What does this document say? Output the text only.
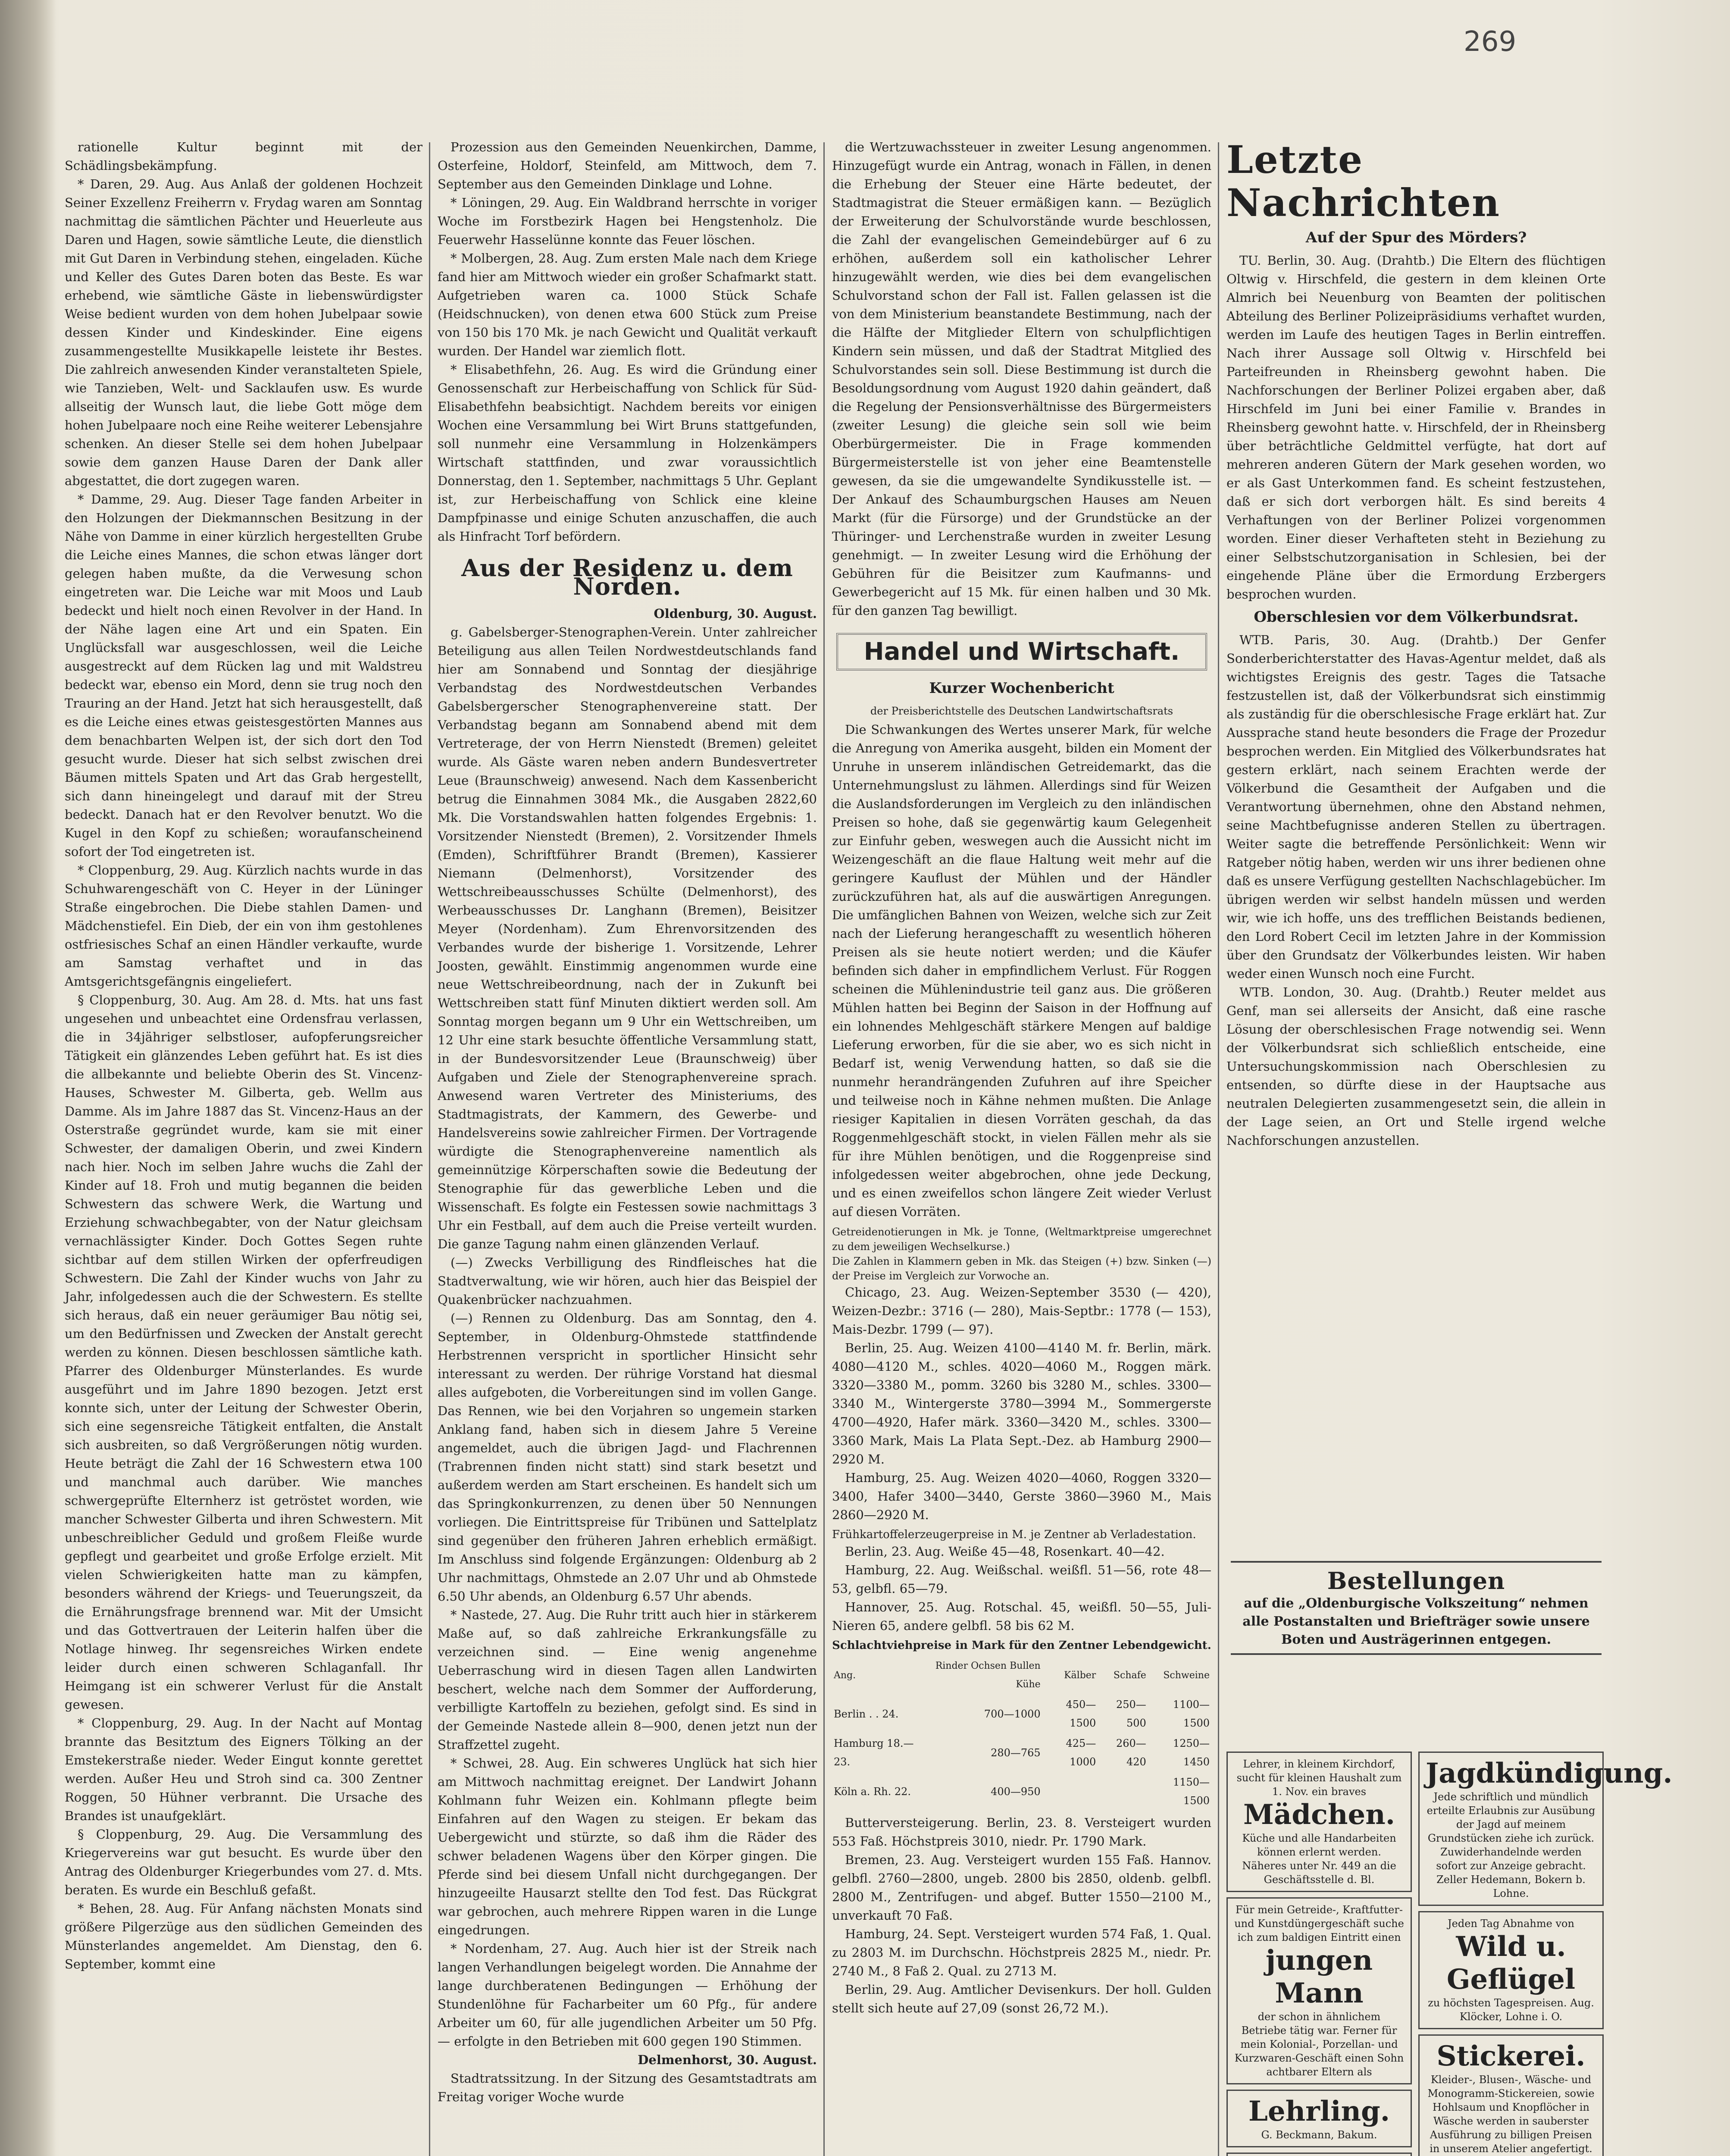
269

rationelle Kultur beginnt mit der Schädlingsbekämpfung.

* Daren, 29. Aug. Aus Anlaß der goldenen Hochzeit Seiner Exzellenz Freiherrn v. Frydag waren am Sonntag nachmittag die sämtlichen Pächter und Heuerleute aus Daren und Hagen, sowie sämtliche Leute, die dienstlich mit Gut Daren in Verbindung stehen, eingeladen. Küche und Keller des Gutes Daren boten das Beste. Es war erhebend, wie sämtliche Gäste in liebenswürdigster Weise bedient wurden von dem hohen Jubelpaar sowie dessen Kinder und Kindeskinder. Eine eigens zusammengestellte Musikkapelle leistete ihr Bestes. Die zahlreich anwesenden Kinder veranstalteten Spiele, wie Tanzieben, Welt- und Sacklaufen usw. Es wurde allseitig der Wunsch laut, die liebe Gott möge dem hohen Jubelpaare noch eine Reihe weiterer Lebensjahre schenken. An dieser Stelle sei dem hohen Jubelpaar sowie dem ganzen Hause Daren der Dank aller abgestattet, die dort zugegen waren.

* Damme, 29. Aug. Dieser Tage fanden Arbeiter in den Holzungen der Diekmannschen Besitzung in der Nähe von Damme in einer kürzlich hergestellten Grube die Leiche eines Mannes, die schon etwas länger dort gelegen haben mußte, da die Verwesung schon eingetreten war. Die Leiche war mit Moos und Laub bedeckt und hielt noch einen Revolver in der Hand. In der Nähe lagen eine Art und ein Spaten. Ein Unglücksfall war ausgeschlossen, weil die Leiche ausgestreckt auf dem Rücken lag und mit Waldstreu bedeckt war, ebenso ein Mord, denn sie trug noch den Trauring an der Hand. Jetzt hat sich herausgestellt, daß es die Leiche eines etwas geistesgestörten Mannes aus dem benachbarten Welpen ist, der sich dort den Tod gesucht wurde. Dieser hat sich selbst zwischen drei Bäumen mittels Spaten und Art das Grab hergestellt, sich dann hineingelegt und darauf mit der Streu bedeckt. Danach hat er den Revolver benutzt. Wo die Kugel in den Kopf zu schießen; woraufanscheinend sofort der Tod eingetreten ist.

* Cloppenburg, 29. Aug. Kürzlich nachts wurde in das Schuhwarengeschäft von C. Heyer in der Lüninger Straße eingebrochen. Die Diebe stahlen Damen- und Mädchenstiefel. Ein Dieb, der ein von ihm gestohlenes ostfriesisches Schaf an einen Händler verkaufte, wurde am Samstag verhaftet und in das Amtsgerichtsgefängnis eingeliefert.

§ Cloppenburg, 30. Aug. Am 28. d. Mts. hat uns fast ungesehen und unbeachtet eine Ordensfrau verlassen, die in 34jähriger selbstloser, aufopferungsreicher Tätigkeit ein glänzendes Leben geführt hat. Es ist dies die allbekannte und beliebte Oberin des St. Vincenz-Hauses, Schwester M. Gilberta, geb. Wellm aus Damme. Als im Jahre 1887 das St. Vincenz-Haus an der Osterstraße gegründet wurde, kam sie mit einer Schwester, der damaligen Oberin, und zwei Kindern nach hier. Noch im selben Jahre wuchs die Zahl der Kinder auf 18. Froh und mutig begannen die beiden Schwestern das schwere Werk, die Wartung und Erziehung schwachbegabter, von der Natur gleichsam vernachlässigter Kinder. Doch Gottes Segen ruhte sichtbar auf dem stillen Wirken der opferfreudigen Schwestern. Die Zahl der Kinder wuchs von Jahr zu Jahr, infolgedessen auch die der Schwestern. Es stellte sich heraus, daß ein neuer geräumiger Bau nötig sei, um den Bedürfnissen und Zwecken der Anstalt gerecht werden zu können. Diesen beschlossen sämtliche kath. Pfarrer des Oldenburger Münsterlandes. Es wurde ausgeführt und im Jahre 1890 bezogen. Jetzt erst konnte sich, unter der Leitung der Schwester Oberin, sich eine segensreiche Tätigkeit entfalten, die Anstalt sich ausbreiten, so daß Vergrößerungen nötig wurden. Heute beträgt die Zahl der 16 Schwestern etwa 100 und manchmal auch darüber. Wie manches schwergeprüfte Elternherz ist getröstet worden, wie mancher Schwester Gilberta und ihren Schwestern. Mit unbeschreiblicher Geduld und großem Fleiße wurde gepflegt und gearbeitet und große Erfolge erzielt. Mit vielen Schwierigkeiten hatte man zu kämpfen, besonders während der Kriegs- und Teuerungszeit, da die Ernährungsfrage brennend war. Mit der Umsicht und das Gottvertrauen der Leiterin halfen über die Notlage hinweg. Ihr segensreiches Wirken endete leider durch einen schweren Schlaganfall. Ihr Heimgang ist ein schwerer Verlust für die Anstalt gewesen.

* Cloppenburg, 29. Aug. In der Nacht auf Montag brannte das Besitztum des Eigners Tölking an der Emstekerstraße nieder. Weder Eingut konnte gerettet werden. Außer Heu und Stroh sind ca. 300 Zentner Roggen, 50 Hühner verbrannt. Die Ursache des Brandes ist unaufgeklärt.

§ Cloppenburg, 29. Aug. Die Versammlung des Kriegervereins war gut besucht. Es wurde über den Antrag des Oldenburger Kriegerbundes vom 27. d. Mts. beraten. Es wurde ein Beschluß gefaßt.

* Behen, 28. Aug. Für Anfang nächsten Monats sind größere Pilgerzüge aus den südlichen Gemeinden des Münsterlandes angemeldet. Am Dienstag, den 6. September, kommt eine

Prozession aus den Gemeinden Neuenkirchen, Damme, Osterfeine, Holdorf, Steinfeld, am Mittwoch, dem 7. September aus den Gemeinden Dinklage und Lohne.

* Löningen, 29. Aug. Ein Waldbrand herrschte in voriger Woche im Forstbezirk Hagen bei Hengstenholz. Die Feuerwehr Hasselünne konnte das Feuer löschen.

* Molbergen, 28. Aug. Zum ersten Male nach dem Kriege fand hier am Mittwoch wieder ein großer Schafmarkt statt. Aufgetrieben waren ca. 1000 Stück Schafe (Heidschnucken), von denen etwa 600 Stück zum Preise von 150 bis 170 Mk. je nach Gewicht und Qualität verkauft wurden. Der Handel war ziemlich flott.

* Elisabethfehn, 26. Aug. Es wird die Gründung einer Genossenschaft zur Herbeischaffung von Schlick für Süd-Elisabethfehn beabsichtigt. Nachdem bereits vor einigen Wochen eine Versammlung bei Wirt Bruns stattgefunden, soll nunmehr eine Versammlung in Holzenkämpers Wirtschaft stattfinden, und zwar voraussichtlich Donnerstag, den 1. September, nachmittags 5 Uhr. Geplant ist, zur Herbeischaffung von Schlick eine kleine Dampfpinasse und einige Schuten anzuschaffen, die auch als Hinfracht Torf befördern.

Aus der Residenz u. dem Norden.
Oldenburg, 30. August.

g. Gabelsberger-Stenographen-Verein. Unter zahlreicher Beteiligung aus allen Teilen Nordwestdeutschlands fand hier am Sonnabend und Sonntag der diesjährige Verbandstag des Nordwestdeutschen Verbandes Gabelsbergerscher Stenographenvereine statt. Der Verbandstag begann am Sonnabend abend mit dem Vertreterage, der von Herrn Nienstedt (Bremen) geleitet wurde. Als Gäste waren neben andern Bundesvertreter Leue (Braunschweig) anwesend. Nach dem Kassenbericht betrug die Einnahmen 3084 Mk., die Ausgaben 2822,60 Mk. Die Vorstandswahlen hatten folgendes Ergebnis: 1. Vorsitzender Nienstedt (Bremen), 2. Vorsitzender Ihmels (Emden), Schriftführer Brandt (Bremen), Kassierer Niemann (Delmenhorst), Vorsitzender des Wettschreibeausschusses Schülte (Delmenhorst), des Werbeausschusses Dr. Langhann (Bremen), Beisitzer Meyer (Nordenham). Zum Ehrenvorsitzenden des Verbandes wurde der bisherige 1. Vorsitzende, Lehrer Joosten, gewählt. Einstimmig angenommen wurde eine neue Wettschreibeordnung, nach der in Zukunft bei Wettschreiben statt fünf Minuten diktiert werden soll. Am Sonntag morgen begann um 9 Uhr ein Wettschreiben, um 12 Uhr eine stark besuchte öffentliche Versammlung statt, in der Bundesvorsitzender Leue (Braunschweig) über Aufgaben und Ziele der Stenographenvereine sprach. Anwesend waren Vertreter des Ministeriums, des Stadtmagistrats, der Kammern, des Gewerbe- und Handelsvereins sowie zahlreicher Firmen. Der Vortragende würdigte die Stenographenvereine namentlich als gemeinnützige Körperschaften sowie die Bedeutung der Stenographie für das gewerbliche Leben und die Wissenschaft. Es folgte ein Festessen sowie nachmittags 3 Uhr ein Festball, auf dem auch die Preise verteilt wurden. Die ganze Tagung nahm einen glänzenden Verlauf.

(—) Zwecks Verbilligung des Rindfleisches hat die Stadtverwaltung, wie wir hören, auch hier das Beispiel der Quakenbrücker nachzuahmen.

(—) Rennen zu Oldenburg. Das am Sonntag, den 4. September, in Oldenburg-Ohmstede stattfindende Herbstrennen verspricht in sportlicher Hinsicht sehr interessant zu werden. Der rührige Vorstand hat diesmal alles aufgeboten, die Vorbereitungen sind im vollen Gange. Das Rennen, wie bei den Vorjahren so ungemein starken Anklang fand, haben sich in diesem Jahre 5 Vereine angemeldet, auch die übrigen Jagd- und Flachrennen (Trabrennen finden nicht statt) sind stark besetzt und außerdem werden am Start erscheinen. Es handelt sich um das Springkonkurrenzen, zu denen über 50 Nennungen vorliegen. Die Eintrittspreise für Tribünen und Sattelplatz sind gegenüber den früheren Jahren erheblich ermäßigt. Im Anschluss sind folgende Ergänzungen: Oldenburg ab 2 Uhr nachmittags, Ohmstede an 2.07 Uhr und ab Ohmstede 6.50 Uhr abends, an Oldenburg 6.57 Uhr abends.

* Nastede, 27. Aug. Die Ruhr tritt auch hier in stärkerem Maße auf, so daß zahlreiche Erkrankungsfälle zu verzeichnen sind. — Eine wenig angenehme Ueberraschung wird in diesen Tagen allen Landwirten beschert, welche nach dem Sommer der Aufforderung, verbilligte Kartoffeln zu beziehen, gefolgt sind. Es sind in der Gemeinde Nastede allein 8—900, denen jetzt nun der Straffzettel zugeht.

* Schwei, 28. Aug. Ein schweres Unglück hat sich hier am Mittwoch nachmittag ereignet. Der Landwirt Johann Kohlmann fuhr Weizen ein. Kohlmann pflegte beim Einfahren auf den Wagen zu steigen. Er bekam das Uebergewicht und stürzte, so daß ihm die Räder des schwer beladenen Wagens über den Körper gingen. Die Pferde sind bei diesem Unfall nicht durchgegangen. Der hinzugeeilte Hausarzt stellte den Tod fest. Das Rückgrat war gebrochen, auch mehrere Rippen waren in die Lunge eingedrungen.

* Nordenham, 27. Aug. Auch hier ist der Streik nach langen Verhandlungen beigelegt worden. Die Annahme der lange durchberatenen Bedingungen — Erhöhung der Stundenlöhne für Facharbeiter um 60 Pfg., für andere Arbeiter um 60, für alle jugendlichen Arbeiter um 50 Pfg. — erfolgte in den Betrieben mit 600 gegen 190 Stimmen.

Delmenhorst, 30. August.

Stadtratssitzung. In der Sitzung des Gesamtstadtrats am Freitag voriger Woche wurde

die Wertzuwachssteuer in zweiter Lesung angenommen. Hinzugefügt wurde ein Antrag, wonach in Fällen, in denen die Erhebung der Steuer eine Härte bedeutet, der Stadtmagistrat die Steuer ermäßigen kann. — Bezüglich der Erweiterung der Schulvorstände wurde beschlossen, die Zahl der evangelischen Gemeindebürger auf 6 zu erhöhen, außerdem soll ein katholischer Lehrer hinzugewählt werden, wie dies bei dem evangelischen Schulvorstand schon der Fall ist. Fallen gelassen ist die von dem Ministerium beanstandete Bestimmung, nach der die Hälfte der Mitglieder Eltern von schulpflichtigen Kindern sein müssen, und daß der Stadtrat Mitglied des Schulvorstandes sein soll. Diese Bestimmung ist durch die Besoldungsordnung vom August 1920 dahin geändert, daß die Regelung der Pensionsverhältnisse des Bürgermeisters (zweiter Lesung) die gleiche sein soll wie beim Oberbürgermeister. Die in Frage kommenden Bürgermeisterstelle ist von jeher eine Beamtenstelle gewesen, da sie die umgewandelte Syndikusstelle ist. — Der Ankauf des Schaumburgschen Hauses am Neuen Markt (für die Fürsorge) und der Grundstücke an der Thüringer- und Lerchenstraße wurden in zweiter Lesung genehmigt. — In zweiter Lesung wird die Erhöhung der Gebühren für die Beisitzer zum Kaufmanns- und Gewerbegericht auf 15 Mk. für einen halben und 30 Mk. für den ganzen Tag bewilligt.

Handel und Wirtschaft.
Kurzer Wochenbericht
der Preisberichtstelle des Deutschen Landwirtschaftsrats

Die Schwankungen des Wertes unserer Mark, für welche die Anregung von Amerika ausgeht, bilden ein Moment der Unruhe in unserem inländischen Getreidemarkt, das die Unternehmungslust zu lähmen. Allerdings sind für Weizen die Auslandsforderungen im Vergleich zu den inländischen Preisen so hohe, daß sie gegenwärtig kaum Gelegenheit zur Einfuhr geben, weswegen auch die Aussicht nicht im Weizengeschäft an die flaue Haltung weit mehr auf die geringere Kauflust der Mühlen und der Händler zurückzuführen hat, als auf die auswärtigen Anregungen. Die umfänglichen Bahnen von Weizen, welche sich zur Zeit nach der Lieferung herangeschafft zu wesentlich höheren Preisen als sie heute notiert werden; und die Käufer befinden sich daher in empfindlichem Verlust. Für Roggen scheinen die Mühlenindustrie teil ganz aus. Die größeren Mühlen hatten bei Beginn der Saison in der Hoffnung auf ein lohnendes Mehlgeschäft stärkere Mengen auf baldige Lieferung erworben, für die sie aber, wo es sich nicht in Bedarf ist, wenig Verwendung hatten, so daß sie die nunmehr herandrängenden Zufuhren auf ihre Speicher und teilweise noch in Kähne nehmen mußten. Die Anlage riesiger Kapitalien in diesen Vorräten geschah, da das Roggenmehlgeschäft stockt, in vielen Fällen mehr als sie für ihre Mühlen benötigen, und die Roggenpreise sind infolgedessen weiter abgebrochen, ohne jede Deckung, und es einen zweifellos schon längere Zeit wieder Verlust auf diesen Vorräten.

Getreidenotierungen in Mk. je Tonne, (Weltmarktpreise umgerechnet zu dem jeweiligen Wechselkurse.)
Die Zahlen in Klammern geben in Mk. das Steigen (+) bzw. Sinken (—) der Preise im Vergleich zur Vorwoche an.

Chicago, 23. Aug. Weizen-September 3530 (— 420), Weizen-Dezbr.: 3716 (— 280), Mais-Septbr.: 1778 (— 153), Mais-Dezbr. 1799 (— 97).

Berlin, 25. Aug. Weizen 4100—4140 M. fr. Berlin, märk. 4080—4120 M., schles. 4020—4060 M., Roggen märk. 3320—3380 M., pomm. 3260 bis 3280 M., schles. 3300—3340 M., Wintergerste 3780—3994 M., Sommergerste 4700—4920, Hafer märk. 3360—3420 M., schles. 3300—3360 Mark, Mais La Plata Sept.-Dez. ab Hamburg 2900—2920 M.

Hamburg, 25. Aug. Weizen 4020—4060, Roggen 3320—3400, Hafer 3400—3440, Gerste 3860—3960 M., Mais 2860—2920 M.

Frühkartoffelerzeugerpreise in M. je Zentner ab Verladestation.

Berlin, 23. Aug. Weiße 45—48, Rosenkart. 40—42.

Hamburg, 22. Aug. Weißschal. weißfl. 51—56, rote 48—53, gelbfl. 65—79.

Hannover, 25. Aug. Rotschal. 45, weißfl. 50—55, Juli-Nieren 65, andere gelbfl. 58 bis 62 M.

Schlachtviehpreise in Mark für den Zentner Lebendgewicht.
Ang.	Rinder Ochsen Bullen Kühe	Kälber	Schafe	Schweine
Berlin . . 24.	700—1000	450—1500	250—500	1100—1500
Hamburg 18.—23.	280—765	425—1000	260—420	1250—1450
Köln a. Rh. 22.	400—950			1150—1500

Butterversteigerung. Berlin, 23. 8. Versteigert wurden 553 Faß. Höchstpreis 3010, niedr. Pr. 1790 Mark.

Bremen, 23. Aug. Versteigert wurden 155 Faß. Hannov. gelbfl. 2760—2800, ungeb. 2800 bis 2850, oldenb. gelbfl. 2800 M., Zentrifugen- und abgef. Butter 1550—2100 M., unverkauft 70 Faß.

Hamburg, 24. Sept. Versteigert wurden 574 Faß, 1. Qual. zu 2803 M. im Durchschn. Höchstpreis 2825 M., niedr. Pr. 2740 M., 8 Faß 2. Qual. zu 2713 M.

Berlin, 29. Aug. Amtlicher Devisenkurs. Der holl. Gulden stellt sich heute auf 27,09 (sonst 26,72 M.).

Letzte Nachrichten
Auf der Spur des Mörders?

TU. Berlin, 30. Aug. (Drahtb.) Die Eltern des flüchtigen Oltwig v. Hirschfeld, die gestern in dem kleinen Orte Almrich bei Neuenburg von Beamten der politischen Abteilung des Berliner Polizeipräsidiums verhaftet wurden, werden im Laufe des heutigen Tages in Berlin eintreffen. Nach ihrer Aussage soll Oltwig v. Hirschfeld bei Parteifreunden in Rheinsberg gewohnt haben. Die Nachforschungen der Berliner Polizei ergaben aber, daß Hirschfeld im Juni bei einer Familie v. Brandes in Rheinsberg gewohnt hatte. v. Hirschfeld, der in Rheinsberg über beträchtliche Geldmittel verfügte, hat dort auf mehreren anderen Gütern der Mark gesehen worden, wo er als Gast Unterkommen fand. Es scheint festzustehen, daß er sich dort verborgen hält. Es sind bereits 4 Verhaftungen von der Berliner Polizei vorgenommen worden. Einer dieser Verhafteten steht in Beziehung zu einer Selbstschutzorganisation in Schlesien, bei der eingehende Pläne über die Ermordung Erzbergers besprochen wurden.

Oberschlesien vor dem Völkerbundsrat.

WTB. Paris, 30. Aug. (Drahtb.) Der Genfer Sonderberichterstatter des Havas-Agentur meldet, daß als wichtigstes Ereignis des gestr. Tages die Tatsache festzustellen ist, daß der Völkerbundsrat sich einstimmig als zuständig für die oberschlesische Frage erklärt hat. Zur Aussprache stand heute besonders die Frage der Prozedur besprochen werden. Ein Mitglied des Völkerbundsrates hat gestern erklärt, nach seinem Erachten werde der Völkerbund die Gesamtheit der Aufgaben und die Verantwortung übernehmen, ohne den Abstand nehmen, seine Machtbefugnisse anderen Stellen zu übertragen. Weiter sagte die betreffende Persönlichkeit: Wenn wir Ratgeber nötig haben, werden wir uns ihrer bedienen ohne daß es unsere Verfügung gestellten Nachschlagebücher. Im übrigen werden wir selbst handeln müssen und werden wir, wie ich hoffe, uns des trefflichen Beistands bedienen, den Lord Robert Cecil im letzten Jahre in der Kommission über den Grundsatz der Völkerbundes leisten. Wir haben weder einen Wunsch noch eine Furcht.

WTB. London, 30. Aug. (Drahtb.) Reuter meldet aus Genf, man sei allerseits der Ansicht, daß eine rasche Lösung der oberschlesischen Frage notwendig sei. Wenn der Völkerbundsrat sich schließlich entscheide, eine Untersuchungskommission nach Oberschlesien zu entsenden, so dürfte diese in der Hauptsache aus neutralen Delegierten zusammengesetzt sein, die allein in der Lage seien, an Ort und Stelle irgend welche Nachforschungen anzustellen.

Bestellungen
auf die „Oldenburgische Volkszeitung“ nehmen alle Postanstalten und Briefträger sowie unsere Boten und Austrägerinnen entgegen.
Lehrer, in kleinem Kirchdorf, sucht für kleinen Haushalt zum 1. Nov. ein braves
Mädchen.
Küche und alle Handarbeiten können erlernt werden. Näheres unter Nr. 449 an die Geschäftsstelle d. Bl.
Für mein Getreide-, Kraftfutter- und Kunstdüngergeschäft suche ich zum baldigen Eintritt einen
jungen Mann
der schon in ähnlichem Betriebe tätig war. Ferner für mein Kolonial-, Porzellan- und Kurzwaren-Geschäft einen Sohn achtbarer Eltern als
Lehrling.
G. Beckmann, Bakum.
Jagdkündigung.
Jede schriftlich und mündlich erteilte Erlaubnis zur Ausübung der Jagd auf meinem Grundstücken ziehe ich zurück. Zuwiderhandelnde werden sofort zur Anzeige gebracht. Zeller Hedemann, Bokern b. Lohne.
Jeden Tag Abnahme von
Wild u. Geflügel
zu höchsten Tagespreisen. Aug. Klöcker, Lohne i. O.
Stickerei.
Kleider-, Blusen-, Wäsche- und Monogramm-Stickereien, sowie Hohlsaum und Knopflöcher in Wäsche werden in sauberster Ausführung zu billigen Preisen in unserem Atelier angefertigt.
